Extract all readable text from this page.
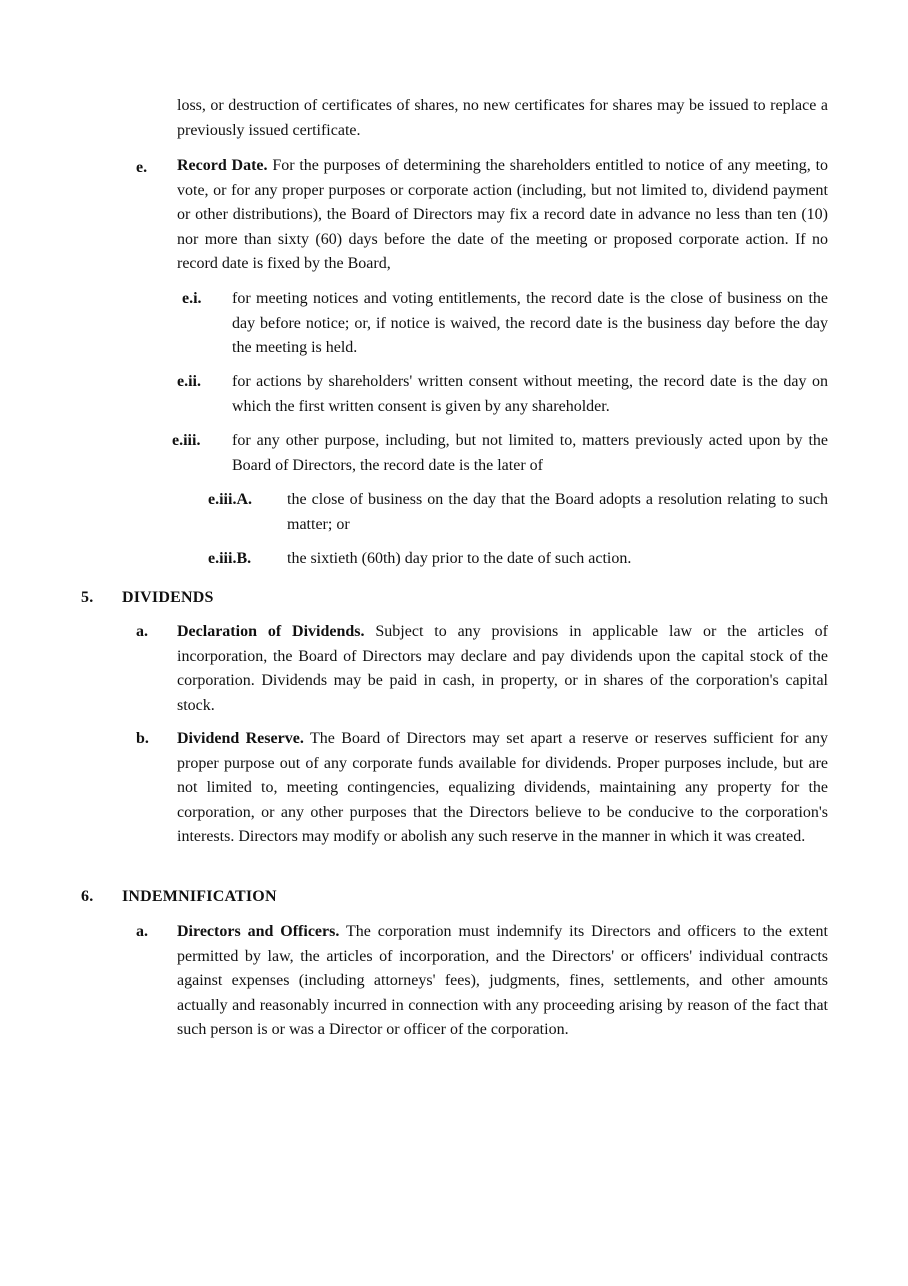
loss, or destruction of certificates of shares, no new certificates for shares may be issued to replace a previously issued certificate.
e. Record Date. For the purposes of determining the shareholders entitled to notice of any meeting, to vote, or for any proper purposes or corporate action (including, but not limited to, dividend payment or other distributions), the Board of Directors may fix a record date in advance no less than ten (10) nor more than sixty (60) days before the date of the meeting or proposed corporate action. If no record date is fixed by the Board,
e.i. for meeting notices and voting entitlements, the record date is the close of business on the day before notice; or, if notice is waived, the record date is the business day before the day the meeting is held.
e.ii. for actions by shareholders' written consent without meeting, the record date is the day on which the first written consent is given by any shareholder.
e.iii. for any other purpose, including, but not limited to, matters previously acted upon by the Board of Directors, the record date is the later of
e.iii.A. the close of business on the day that the Board adopts a resolution relating to such matter; or
e.iii.B. the sixtieth (60th) day prior to the date of such action.
5. DIVIDENDS
a. Declaration of Dividends. Subject to any provisions in applicable law or the articles of incorporation, the Board of Directors may declare and pay dividends upon the capital stock of the corporation. Dividends may be paid in cash, in property, or in shares of the corporation's capital stock.
b. Dividend Reserve. The Board of Directors may set apart a reserve or reserves sufficient for any proper purpose out of any corporate funds available for dividends. Proper purposes include, but are not limited to, meeting contingencies, equalizing dividends, maintaining any property for the corporation, or any other purposes that the Directors believe to be conducive to the corporation's interests. Directors may modify or abolish any such reserve in the manner in which it was created.
6. INDEMNIFICATION
a. Directors and Officers. The corporation must indemnify its Directors and officers to the extent permitted by law, the articles of incorporation, and the Directors' or officers' individual contracts against expenses (including attorneys' fees), judgments, fines, settlements, and other amounts actually and reasonably incurred in connection with any proceeding arising by reason of the fact that such person is or was a Director or officer of the corporation.
